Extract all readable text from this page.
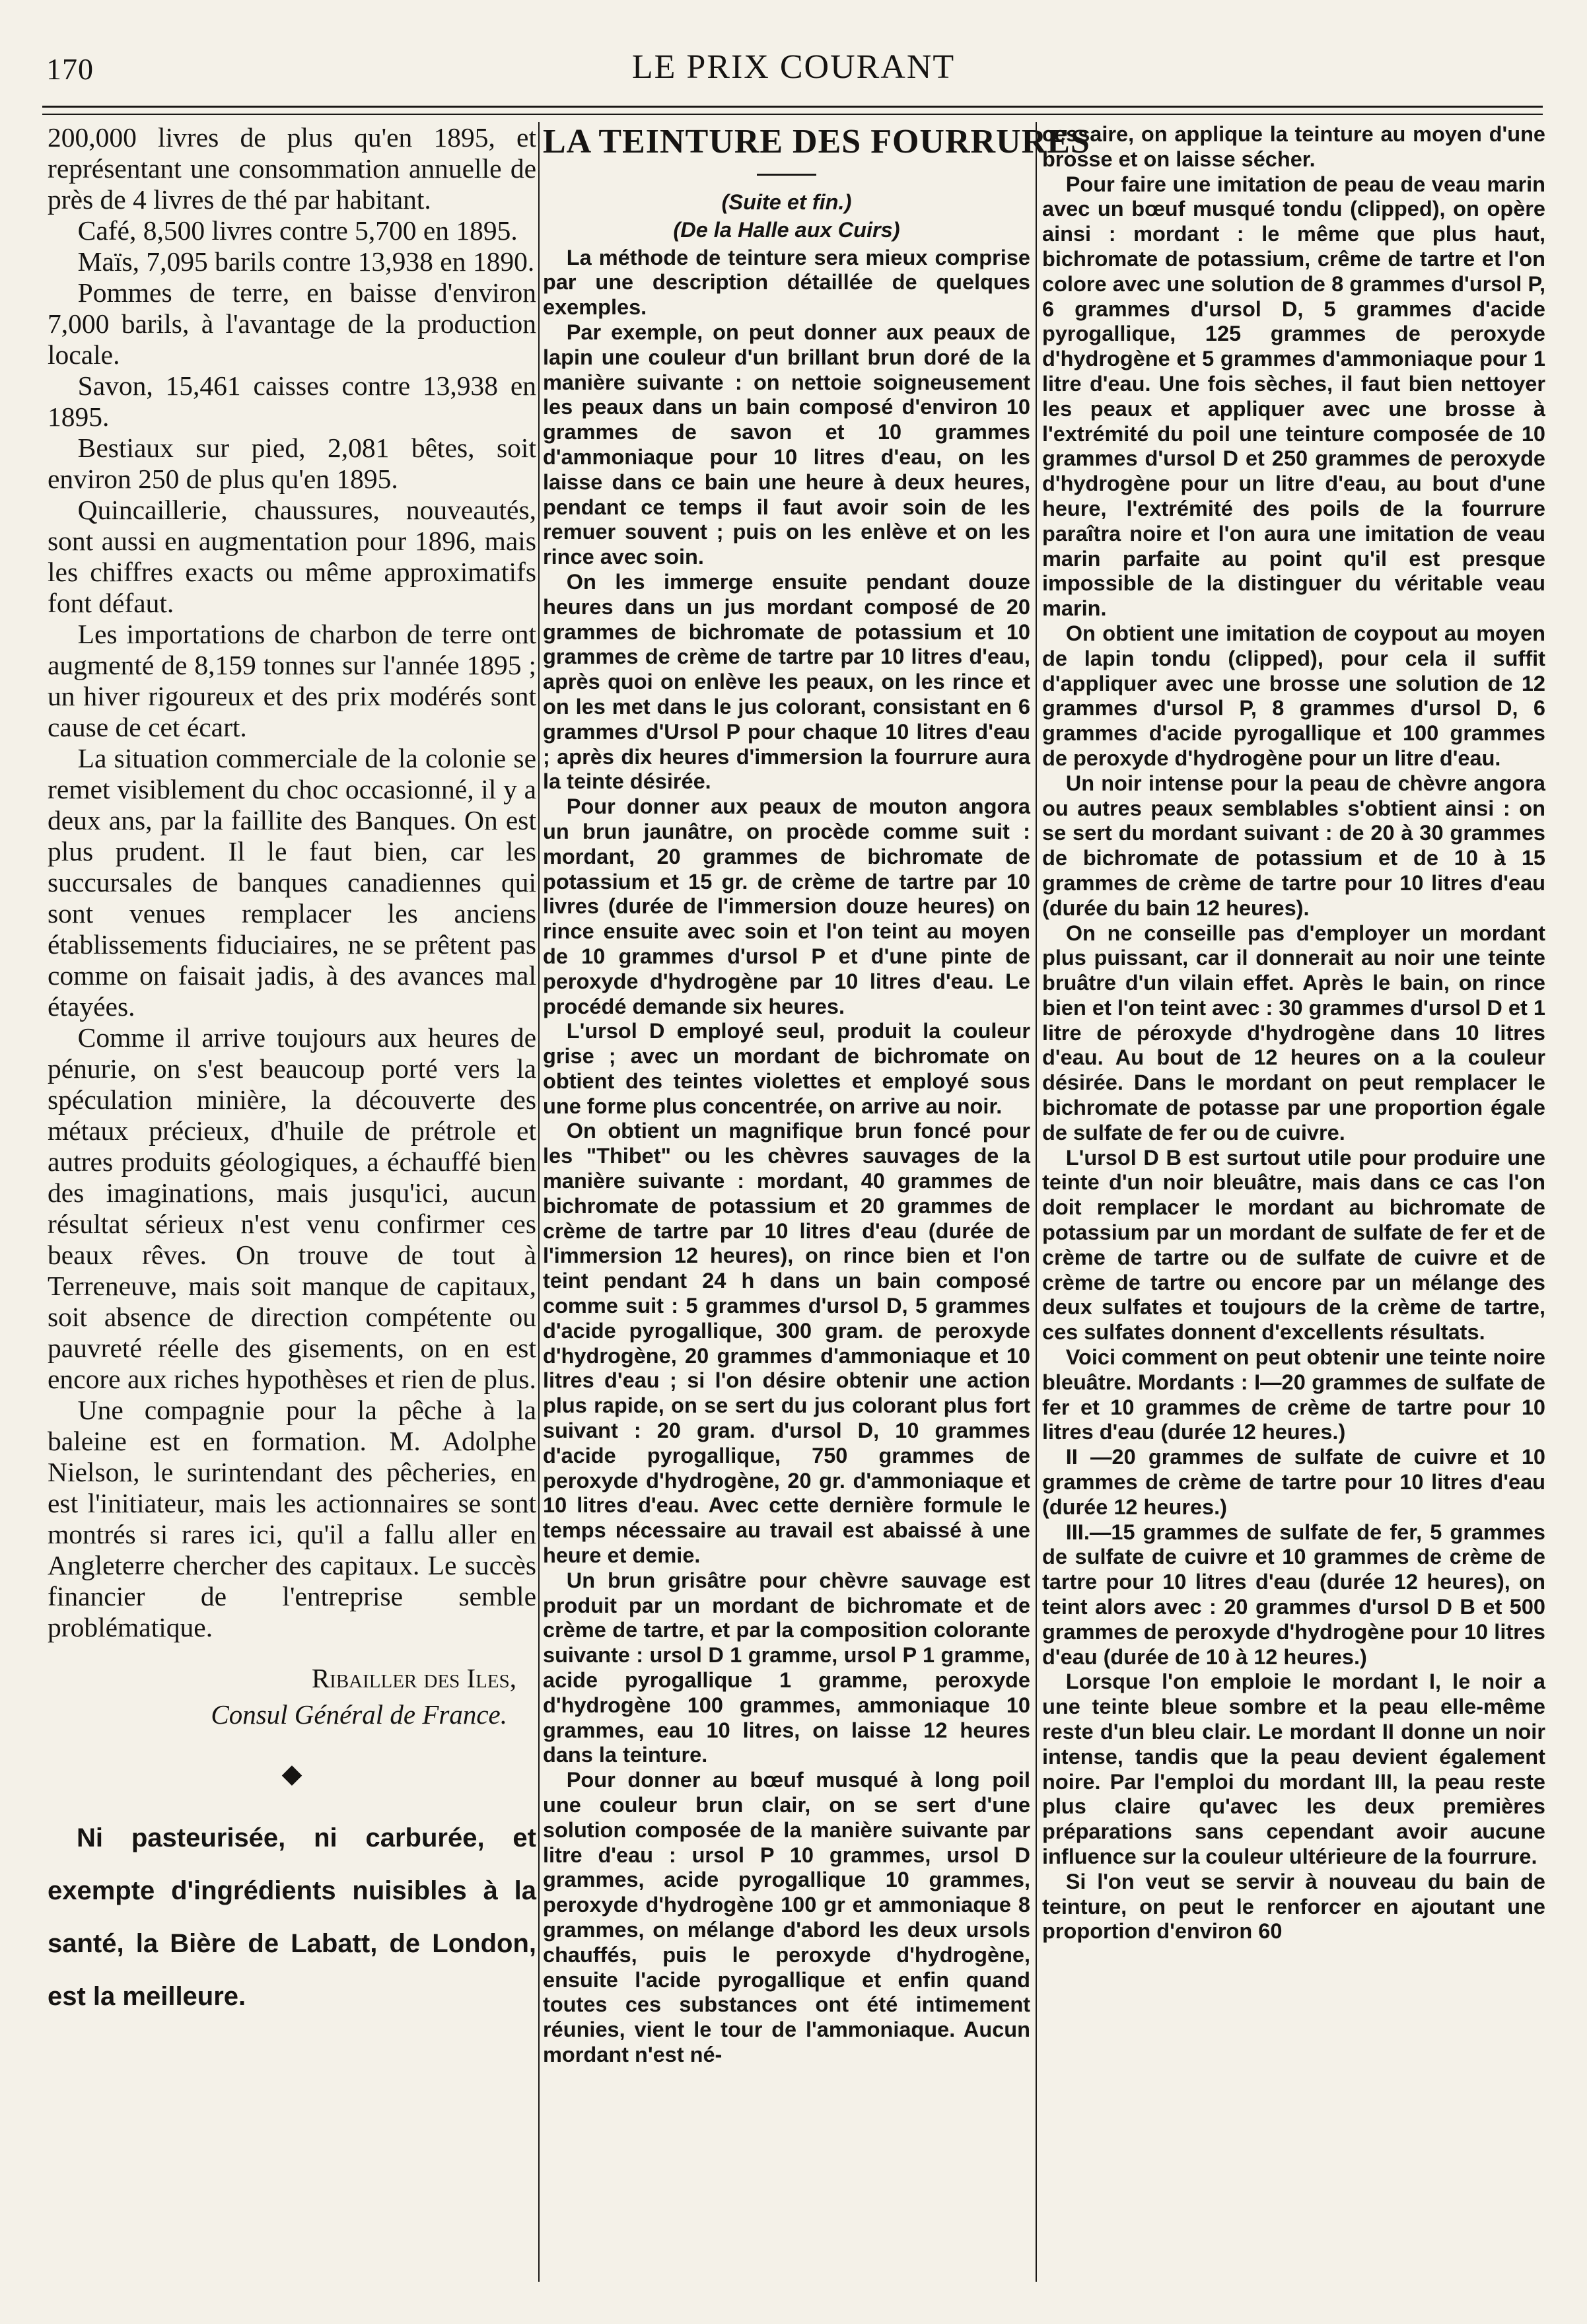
170	LE PRIX COURANT

200,000 livres de plus qu'en 1895, et représentant une consommation annuelle de près de 4 livres de thé par habitant.

Café, 8,500 livres contre 5,700 en 1895.

Maïs, 7,095 barils contre 13,938 en 1890.

Pommes de terre, en baisse d'environ 7,000 barils, à l'avantage de la production locale.

Savon, 15,461 caisses contre 13,938 en 1895.

Bestiaux sur pied, 2,081 bêtes, soit environ 250 de plus qu'en 1895.

Quincaillerie, chaussures, nouveautés, sont aussi en augmentation pour 1896, mais les chiffres exacts ou même approximatifs font défaut.

Les importations de charbon de terre ont augmenté de 8,159 tonnes sur l'année 1895 ; un hiver rigoureux et des prix modérés sont cause de cet écart.

La situation commerciale de la colonie se remet visiblement du choc occasionné, il y a deux ans, par la faillite des Banques. On est plus prudent. Il le faut bien, car les succursales de banques canadiennes qui sont venues remplacer les anciens établissements fiduciaires, ne se prêtent pas comme on faisait jadis, à des avances mal étayées.

Comme il arrive toujours aux heures de pénurie, on s'est beaucoup porté vers la spéculation minière, la découverte des métaux précieux, d'huile de prétrole et autres produits géologiques, a échauffé bien des imaginations, mais jusqu'ici, aucun résultat sérieux n'est venu confirmer ces beaux rêves. On trouve de tout à Terreneuve, mais soit manque de capitaux, soit absence de direction compétente ou pauvreté réelle des gisements, on en est encore aux riches hypothèses et rien de plus.

Une compagnie pour la pêche à la baleine est en formation. M. Adolphe Nielson, le surintendant des pêcheries, en est l'initiateur, mais les actionnaires se sont montrés si rares ici, qu'il a fallu aller en Angleterre chercher des capitaux. Le succès financier de l'entreprise semble problématique.

Ribailler des Iles,
Consul Général de France.
◆

Ni pasteurisée, ni carburée, et exempte d'ingrédients nuisibles à la santé, la Bière de Labatt, de London, est la meilleure.

LA TEINTURE DES FOURRURES
(Suite et fin.)
(De la Halle aux Cuirs)

La méthode de teinture sera mieux comprise par une description détaillée de quelques exemples.

Par exemple, on peut donner aux peaux de lapin une couleur d'un brillant brun doré de la manière suivante : on nettoie soigneusement les peaux dans un bain composé d'environ 10 grammes de savon et 10 grammes d'ammoniaque pour 10 litres d'eau, on les laisse dans ce bain une heure à deux heures, pendant ce temps il faut avoir soin de les remuer souvent ; puis on les enlève et on les rince avec soin.

On les immerge ensuite pendant douze heures dans un jus mordant composé de 20 grammes de bichromate de potassium et 10 grammes de crème de tartre par 10 litres d'eau, après quoi on enlève les peaux, on les rince et on les met dans le jus colorant, consistant en 6 grammes d'Ursol P pour chaque 10 litres d'eau ; après dix heures d'immersion la fourrure aura la teinte désirée.

Pour donner aux peaux de mouton angora un brun jaunâtre, on procède comme suit : mordant, 20 grammes de bichromate de potassium et 15 gr. de crème de tartre par 10 livres (durée de l'immersion douze heures) on rince ensuite avec soin et l'on teint au moyen de 10 grammes d'ursol P et d'une pinte de peroxyde d'hydrogène par 10 litres d'eau. Le procédé demande six heures.

L'ursol D employé seul, produit la couleur grise ; avec un mordant de bichromate on obtient des teintes violettes et employé sous une forme plus concentrée, on arrive au noir.

On obtient un magnifique brun foncé pour les "Thibet" ou les chèvres sauvages de la manière suivante : mordant, 40 grammes de bichromate de potassium et 20 grammes de crème de tartre par 10 litres d'eau (durée de l'immersion 12 heures), on rince bien et l'on teint pendant 24 h dans un bain composé comme suit : 5 grammes d'ursol D, 5 grammes d'acide pyrogallique, 300 gram. de peroxyde d'hydrogène, 20 grammes d'ammoniaque et 10 litres d'eau ; si l'on désire obtenir une action plus rapide, on se sert du jus colorant plus fort suivant : 20 gram. d'ursol D, 10 grammes d'acide pyrogallique, 750 grammes de peroxyde d'hydrogène, 20 gr. d'ammoniaque et 10 litres d'eau. Avec cette dernière formule le temps nécessaire au travail est abaissé à une heure et demie.

Un brun grisâtre pour chèvre sauvage est produit par un mordant de bichromate et de crème de tartre, et par la composition colorante suivante : ursol D 1 gramme, ursol P 1 gramme, acide pyrogallique 1 gramme, peroxyde d'hydrogène 100 grammes, ammoniaque 10 grammes, eau 10 litres, on laisse 12 heures dans la teinture.

Pour donner au bœuf musqué à long poil une couleur brun clair, on se sert d'une solution composée de la manière suivante par litre d'eau : ursol P 10 grammes, ursol D grammes, acide pyrogallique 10 grammes, peroxyde d'hydrogène 100 gr et ammoniaque 8 grammes, on mélange d'abord les deux ursols chauffés, puis le peroxyde d'hydrogène, ensuite l'acide pyrogallique et enfin quand toutes ces substances ont été intimement réunies, vient le tour de l'ammoniaque. Aucun mordant n'est né-

cessaire, on applique la teinture au moyen d'une brosse et on laisse sécher.

Pour faire une imitation de peau de veau marin avec un bœuf musqué tondu (clipped), on opère ainsi : mordant : le même que plus haut, bichromate de potassium, crême de tartre et l'on colore avec une solution de 8 grammes d'ursol P, 6 grammes d'ursol D, 5 grammes d'acide pyrogallique, 125 grammes de peroxyde d'hydrogène et 5 grammes d'ammoniaque pour 1 litre d'eau. Une fois sèches, il faut bien nettoyer les peaux et appliquer avec une brosse à l'extrémité du poil une teinture composée de 10 grammes d'ursol D et 250 grammes de peroxyde d'hydrogène pour un litre d'eau, au bout d'une heure, l'extrémité des poils de la fourrure paraîtra noire et l'on aura une imitation de veau marin parfaite au point qu'il est presque impossible de la distinguer du véritable veau marin.

On obtient une imitation de coypout au moyen de lapin tondu (clipped), pour cela il suffit d'appliquer avec une brosse une solution de 12 grammes d'ursol P, 8 grammes d'ursol D, 6 grammes d'acide pyrogallique et 100 grammes de peroxyde d'hydrogène pour un litre d'eau.

Un noir intense pour la peau de chèvre angora ou autres peaux semblables s'obtient ainsi : on se sert du mordant suivant : de 20 à 30 grammes de bichromate de potassium et de 10 à 15 grammes de crème de tartre pour 10 litres d'eau (durée du bain 12 heures).

On ne conseille pas d'employer un mordant plus puissant, car il donnerait au noir une teinte bruâtre d'un vilain effet. Après le bain, on rince bien et l'on teint avec : 30 grammes d'ursol D et 1 litre de péroxyde d'hydrogène dans 10 litres d'eau. Au bout de 12 heures on a la couleur désirée. Dans le mordant on peut remplacer le bichromate de potasse par une proportion égale de sulfate de fer ou de cuivre.

L'ursol D B est surtout utile pour produire une teinte d'un noir bleuâtre, mais dans ce cas l'on doit remplacer le mordant au bichromate de potassium par un mordant de sulfate de fer et de crème de tartre ou de sulfate de cuivre et de crème de tartre ou encore par un mélange des deux sulfates et toujours de la crème de tartre, ces sulfates donnent d'excellents résultats.

Voici comment on peut obtenir une teinte noire bleuâtre. Mordants : I—20 grammes de sulfate de fer et 10 grammes de crème de tartre pour 10 litres d'eau (durée 12 heures.)

II —20 grammes de sulfate de cuivre et 10 grammes de crème de tartre pour 10 litres d'eau (durée 12 heures.)

III.—15 grammes de sulfate de fer, 5 grammes de sulfate de cuivre et 10 grammes de crème de tartre pour 10 litres d'eau (durée 12 heures), on teint alors avec : 20 grammes d'ursol D B et 500 grammes de peroxyde d'hydrogène pour 10 litres d'eau (durée de 10 à 12 heures.)

Lorsque l'on emploie le mordant I, le noir a une teinte bleue sombre et la peau elle-même reste d'un bleu clair. Le mordant II donne un noir intense, tandis que la peau devient également noire. Par l'emploi du mordant III, la peau reste plus claire qu'avec les deux premières préparations sans cependant avoir aucune influence sur la couleur ultérieure de la fourrure.

Si l'on veut se servir à nouveau du bain de teinture, on peut le renforcer en ajoutant une proportion d'environ 60
